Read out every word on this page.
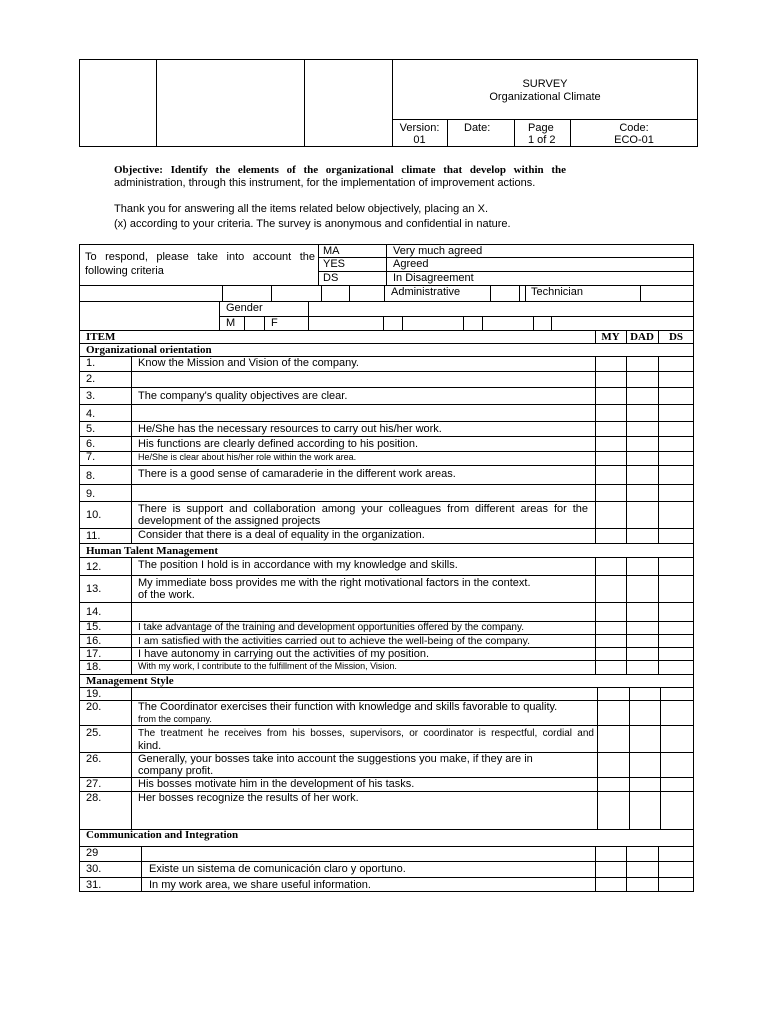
SURVEY
Organizational Climate
Version:
01
Date:	Page
1 of 2
Code:
ECO-01
Objective: Identify the elements of the organizational climate that develop within the
administration, through this instrument, for the implementation of improvement actions.
Thank you for answering all the items related below objectively, placing an X.
(x) according to your criteria. The survey is anonymous and confidential in nature.
To respond, please take into account the
following criteria
MA	Very much agreed
YES	Agreed
DS	In Disagreement
Administrative	Technician
Gender
M	F
ITEM	MY DAD	DS
Organizational orientation
1.	Know the Mission and Vision of the company.
2.
3.	The company's quality objectives are clear.
4.
5.	He/She has the necessary resources to carry out his/her work.
6.	His functions are clearly defined according to his position.
7.	He/She is clear about his/her role within the work area.
8.	There is a good sense of camaraderie in the different work areas.
9.
10.	There is support and collaboration among your colleagues from different areas for the
development of the assigned projects
11.	Consider that there is a deal of equality in the organization.
Human Talent Management
12.	The position I hold is in accordance with my knowledge and skills.
13.	My immediate boss provides me with the right motivational factors in the context.
of the work.
14.
15.	I take advantage of the training and development opportunities offered by the company.
16.	I am satisfied with the activities carried out to achieve the well-being of the company.
17.	I have autonomy in carrying out the activities of my position.
18.	With my work, I contribute to the fulfillment of the Mission, Vision.
Management Style
19.
20.	The Coordinator exercises their function with knowledge and skills favorable to quality.
from the company.
25.	The treatment he receives from his bosses, supervisors, or coordinator is respectful, cordial and
kind.
26.	Generally, your bosses take into account the suggestions you make, if they are in
company profit.
27.	His bosses motivate him in the development of his tasks.
28.	Her bosses recognize the results of her work.
Communication and Integration
29
30.	Existe un sistema de comunicación claro y oportuno.
31.	In my work area, we share useful information.
